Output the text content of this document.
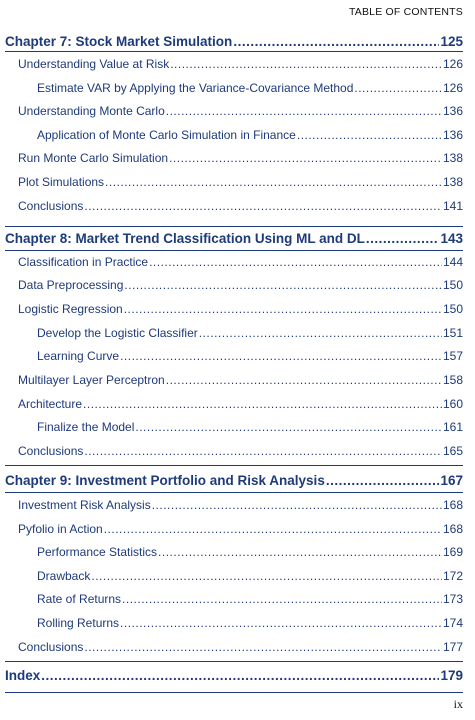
TABLE OF CONTENTS
Chapter 7: Stock Market Simulation .....	125
Understanding Value at Risk .....	126
Estimate VAR by Applying the Variance-Covariance Method .....	126
Understanding Monte Carlo .....	136
Application of Monte Carlo Simulation in Finance .....	136
Run Monte Carlo Simulation .....	138
Plot Simulations .....	138
Conclusions .....	141
Chapter 8: Market Trend Classification Using ML and DL .....	143
Classification in Practice .....	144
Data Preprocessing .....	150
Logistic Regression .....	150
Develop the Logistic Classifier .....	151
Learning Curve .....	157
Multilayer Layer Perceptron .....	158
Architecture .....	160
Finalize the Model .....	161
Conclusions .....	165
Chapter 9: Investment Portfolio and Risk Analysis .....	167
Investment Risk Analysis .....	168
Pyfolio in Action .....	168
Performance Statistics .....	169
Drawback .....	172
Rate of Returns .....	173
Rolling Returns .....	174
Conclusions .....	177
Index .....	179
ix
